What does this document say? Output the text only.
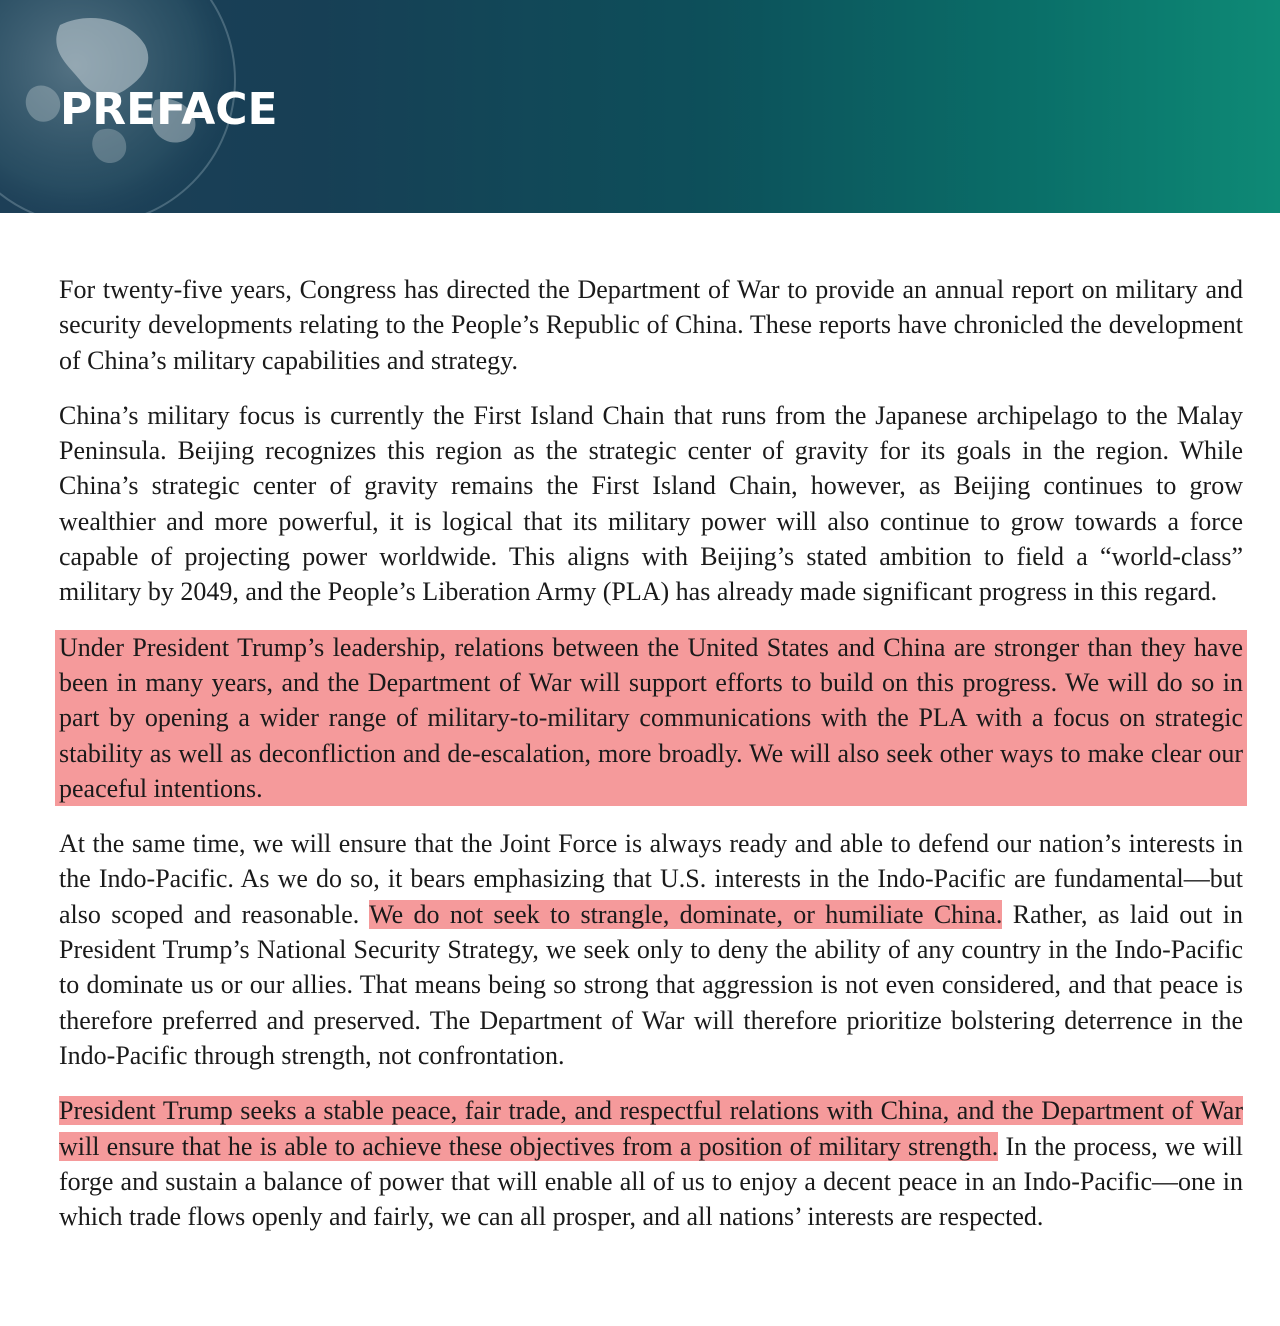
PREFACE

For twenty-five years, Congress has directed the Department of War to provide an annual report on military and security developments relating to the People’s Republic of China. These reports have chronicled the development of China’s military capabilities and strategy.

China’s military focus is currently the First Island Chain that runs from the Japanese archipelago to the Malay Peninsula. Beijing recognizes this region as the strategic center of gravity for its goals in the region. While China’s strategic center of gravity remains the First Island Chain, however, as Beijing continues to grow wealthier and more powerful, it is logical that its military power will also continue to grow towards a force capable of projecting power worldwide. This aligns with Beijing’s stated ambition to field a “world-class” military by 2049, and the People’s Liberation Army (PLA) has already made significant progress in this regard.

Under President Trump’s leadership, relations between the United States and China are stronger than they have been in many years, and the Department of War will support efforts to build on this progress. We will do so in part by opening a wider range of military-to-military communications with the PLA with a focus on strategic stability as well as deconfliction and de-escalation, more broadly. We will also seek other ways to make clear our peaceful intentions.

At the same time, we will ensure that the Joint Force is always ready and able to defend our nation’s interests in the Indo-Pacific. As we do so, it bears emphasizing that U.S. interests in the Indo-Pacific are fundamental—but also scoped and reasonable. We do not seek to strangle, dominate, or humiliate China. Rather, as laid out in President Trump’s National Security Strategy, we seek only to deny the ability of any country in the Indo-Pacific to dominate us or our allies. That means being so strong that aggression is not even considered, and that peace is therefore preferred and preserved. The Department of War will therefore prioritize bolstering deterrence in the Indo-Pacific through strength, not confrontation.

President Trump seeks a stable peace, fair trade, and respectful relations with China, and the Department of War will ensure that he is able to achieve these objectives from a position of military strength. In the process, we will forge and sustain a balance of power that will enable all of us to enjoy a decent peace in an Indo-Pacific—one in which trade flows openly and fairly, we can all prosper, and all nations’ interests are respected.
